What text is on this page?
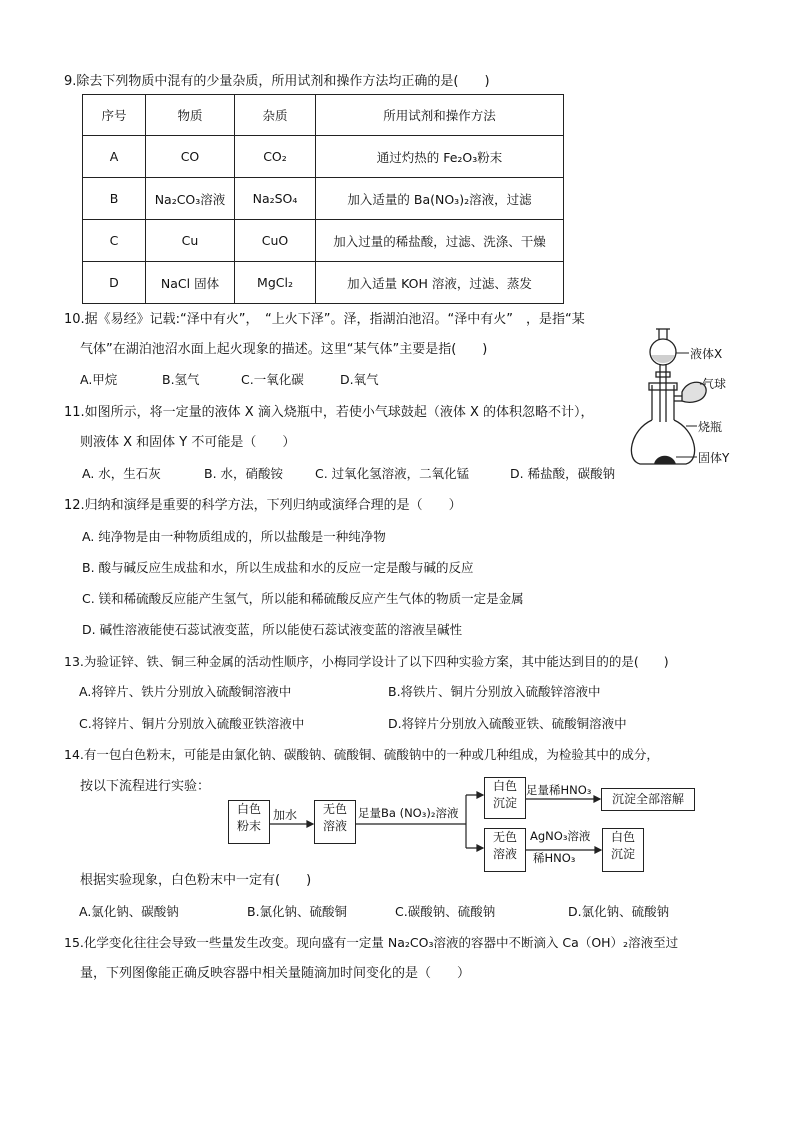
9.除去下列物质中混有的少量杂质，所用试剂和操作方法均正确的是(　　)
序号	物质	杂质	所用试剂和操作方法
A	CO	CO₂	通过灼热的 Fe₂O₃粉末
B	Na₂CO₃溶液	Na₂SO₄	加入适量的 Ba(NO₃)₂溶液，过滤
C	Cu	CuO	加入过量的稀盐酸，过滤、洗涤、干燥
D	NaCl 固体	MgCl₂	加入适量 KOH 溶液，过滤、蒸发
10.据《易经》记载:“泽中有火”，　“上火下泽”。泽，指湖泊池沼。“泽中有火”　，是指“某
气体”在湖泊池沼水面上起火现象的描述。这里“某气体”主要是指(　　)
A.甲烷	B.氢气	C.一氧化碳	D.氧气
11.如图所示，将一定量的液体 X 滴入烧瓶中，若使小气球鼓起（液体 X 的体积忽略不计），
则液体 X 和固体 Y 不可能是（　　）
A. 水，生石灰	B. 水，硝酸铵	C. 过氧化氢溶液，二氧化锰	D. 稀盐酸，碳酸钠
液体X
气球
烧瓶
固体Y
12.归纳和演绎是重要的科学方法，下列归纳或演绎合理的是（　　）
A. 纯净物是由一种物质组成的，所以盐酸是一种纯净物
B. 酸与碱反应生成盐和水，所以生成盐和水的反应一定是酸与碱的反应
C. 镁和稀硫酸反应能产生氢气，所以能和稀硫酸反应产生气体的物质一定是金属
D. 碱性溶液能使石蕊试液变蓝，所以能使石蕊试液变蓝的溶液呈碱性
13.为验证锌、铁、铜三种金属的活动性顺序，小梅同学设计了以下四种实验方案，其中能达到目的的是(　　)
A.将锌片、铁片分别放入硫酸铜溶液中	B.将铁片、铜片分别放入硫酸锌溶液中
C.将锌片、铜片分别放入硫酸亚铁溶液中	D.将锌片分别放入硫酸亚铁、硫酸铜溶液中
14.有一包白色粉末，可能是由氯化钠、碳酸钠、硫酸铜、硫酸钠中的一种或几种组成，为检验其中的成分，
按以下流程进行实验：
白色
粉末
加水	无色
溶液
足量Ba (NO₃)₂溶液
白色
沉淀
足量稀HNO₃
沉淀全部溶解
无色
溶液
AgNO₃溶液
稀HNO₃
白色
沉淀
根据实验现象，白色粉末中一定有(　　)
A.氯化钠、碳酸钠	B.氯化钠、硫酸铜	C.碳酸钠、硫酸钠	D.氯化钠、硫酸钠
15.化学变化往往会导致一些量发生改变。现向盛有一定量 Na₂CO₃溶液的容器中不断滴入 Ca（OH）₂溶液至过
量，下列图像能正确反映容器中相关量随滴加时间变化的是（　　）
